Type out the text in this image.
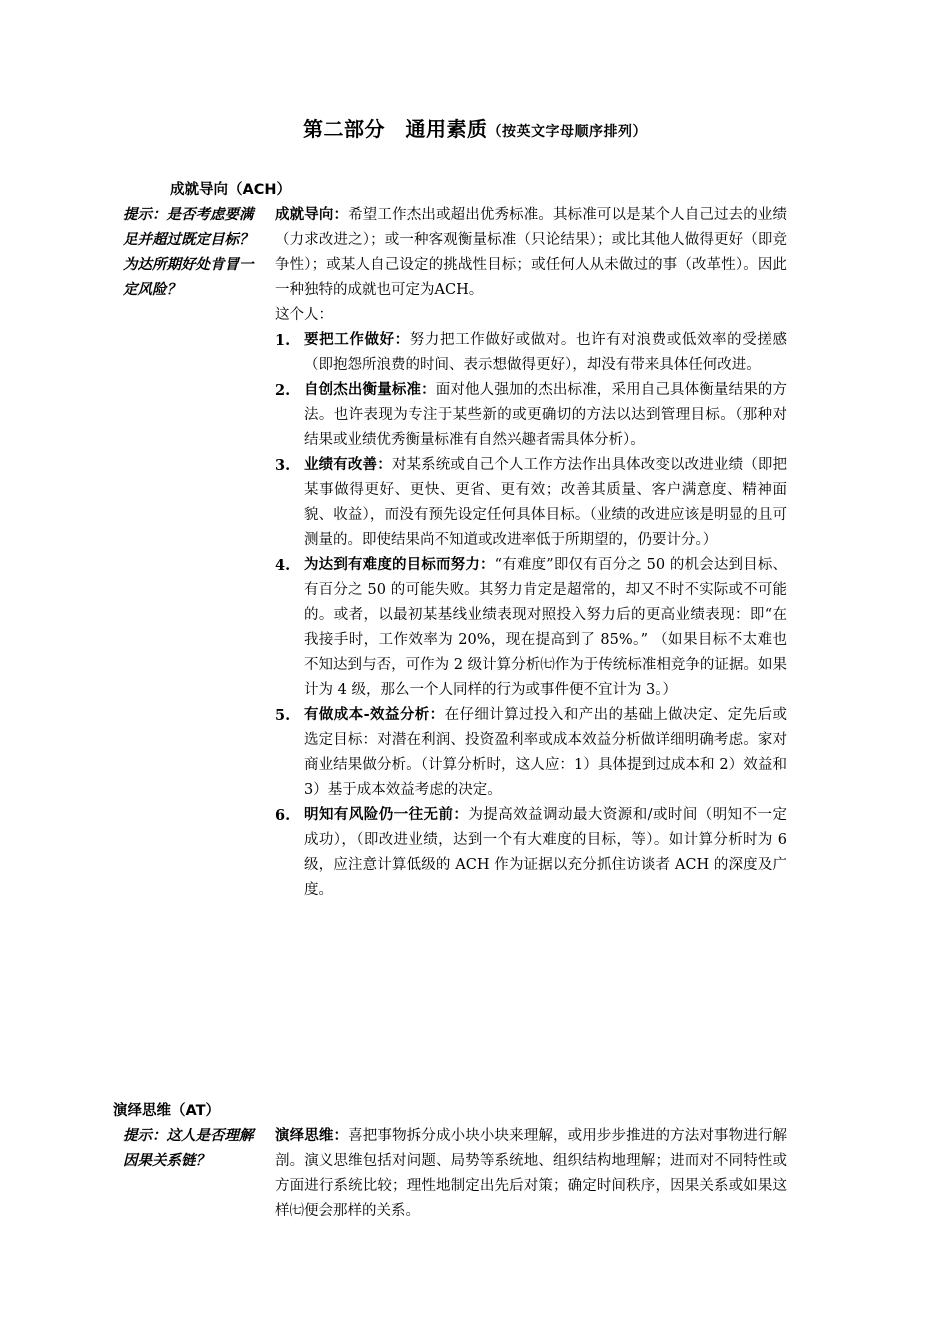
第二部分　通用素质（按英文字母顺序排列）
成就导向（ACH）
提示：是否考虑要满足并超过既定目标？为达所期好处肯冒一定风险？

成就导向：希望工作杰出或超出优秀标准。其标准可以是某个人自己过去的业绩（力求改进之）；或一种客观衡量标准（只论结果）；或比其他人做得更好（即竞争性）；或某人自己设定的挑战性目标；或任何人从未做过的事（改革性）。因此一种独特的成就也可定为ACH。

这个人：

1. 要把工作做好：努力把工作做好或做对。也许有对浪费或低效率的受搓感（即抱怨所浪费的时间、表示想做得更好），却没有带来具体任何改进。
2. 自创杰出衡量标准：面对他人强加的杰出标准，采用自己具体衡量结果的方法。也许表现为专注于某些新的或更确切的方法以达到管理目标。（那种对结果或业绩优秀衡量标准有自然兴趣者需具体分析）。
3. 业绩有改善：对某系统或自己个人工作方法作出具体改变以改进业绩（即把某事做得更好、更快、更省、更有效；改善其质量、客户满意度、精神面貌、收益），而没有预先设定任何具体目标。（业绩的改进应该是明显的且可测量的。即使结果尚不知道或改进率低于所期望的，仍要计分。）
4. 为达到有难度的目标而努力：“有难度”即仅有百分之 50 的机会达到目标、有百分之 50 的可能失败。其努力肯定是超常的，却又不时不实际或不可能的。或者，以最初某基线业绩表现对照投入努力后的更高业绩表现：即“在我接手时，工作效率为 20%，现在提高到了 85%。” （如果目标不太难也不知达到与否，可作为 2 级计算分析㈦作为于传统标准相竞争的证据。如果计为 4 级，那么一个人同样的行为或事件便不宜计为 3。）
5. 有做成本-效益分析：在仔细计算过投入和产出的基础上做决定、定先后或选定目标：对潜在利润、投资盈利率或成本效益分析做详细明确考虑。家对商业结果做分析。（计算分析时，这人应：1）具体提到过成本和 2）效益和 3）基于成本效益考虑的决定。
6. 明知有风险仍一往无前：为提高效益调动最大资源和/或时间（明知不一定成功），（即改进业绩，达到一个有大难度的目标，等）。如计算分析时为 6 级，应注意计算低级的 ACH 作为证据以充分抓住访谈者 ACH 的深度及广度。
演绎思维（AT）
提示：这人是否理解因果关系链？

演绎思维：喜把事物拆分成小块小块来理解，或用步步推进的方法对事物进行解剖。演义思维包括对问题、局势等系统地、组织结构地理解；进而对不同特性或方面进行系统比较；理性地制定出先后对策；确定时间秩序，因果关系或如果这样㈦便会那样的关系。
